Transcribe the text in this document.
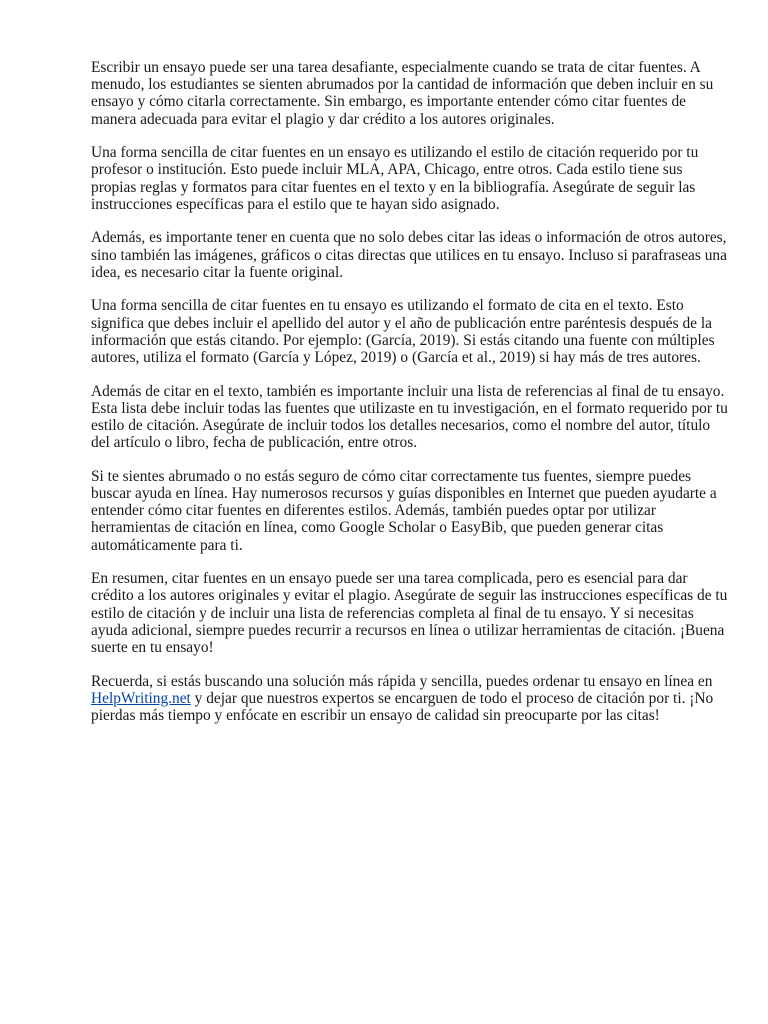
Escribir un ensayo puede ser una tarea desafiante, especialmente cuando se trata de citar fuentes. A menudo, los estudiantes se sienten abrumados por la cantidad de información que deben incluir en su ensayo y cómo citarla correctamente. Sin embargo, es importante entender cómo citar fuentes de manera adecuada para evitar el plagio y dar crédito a los autores originales.

Una forma sencilla de citar fuentes en un ensayo es utilizando el estilo de citación requerido por tu profesor o institución. Esto puede incluir MLA, APA, Chicago, entre otros. Cada estilo tiene sus propias reglas y formatos para citar fuentes en el texto y en la bibliografía. Asegúrate de seguir las instrucciones específicas para el estilo que te hayan sido asignado.

Además, es importante tener en cuenta que no solo debes citar las ideas o información de otros autores, sino también las imágenes, gráficos o citas directas que utilices en tu ensayo. Incluso si parafraseas una idea, es necesario citar la fuente original.

Una forma sencilla de citar fuentes en tu ensayo es utilizando el formato de cita en el texto. Esto significa que debes incluir el apellido del autor y el año de publicación entre paréntesis después de la información que estás citando. Por ejemplo: (García, 2019). Si estás citando una fuente con múltiples autores, utiliza el formato (García y López, 2019) o (García et al., 2019) si hay más de tres autores.

Además de citar en el texto, también es importante incluir una lista de referencias al final de tu ensayo. Esta lista debe incluir todas las fuentes que utilizaste en tu investigación, en el formato requerido por tu estilo de citación. Asegúrate de incluir todos los detalles necesarios, como el nombre del autor, título del artículo o libro, fecha de publicación, entre otros.

Si te sientes abrumado o no estás seguro de cómo citar correctamente tus fuentes, siempre puedes buscar ayuda en línea. Hay numerosos recursos y guías disponibles en Internet que pueden ayudarte a entender cómo citar fuentes en diferentes estilos. Además, también puedes optar por utilizar herramientas de citación en línea, como Google Scholar o EasyBib, que pueden generar citas automáticamente para ti.

En resumen, citar fuentes en un ensayo puede ser una tarea complicada, pero es esencial para dar crédito a los autores originales y evitar el plagio. Asegúrate de seguir las instrucciones específicas de tu estilo de citación y de incluir una lista de referencias completa al final de tu ensayo. Y si necesitas ayuda adicional, siempre puedes recurrir a recursos en línea o utilizar herramientas de citación. ¡Buena suerte en tu ensayo!

Recuerda, si estás buscando una solución más rápida y sencilla, puedes ordenar tu ensayo en línea en HelpWriting.net y dejar que nuestros expertos se encarguen de todo el proceso de citación por ti. ¡No pierdas más tiempo y enfócate en escribir un ensayo de calidad sin preocuparte por las citas!
